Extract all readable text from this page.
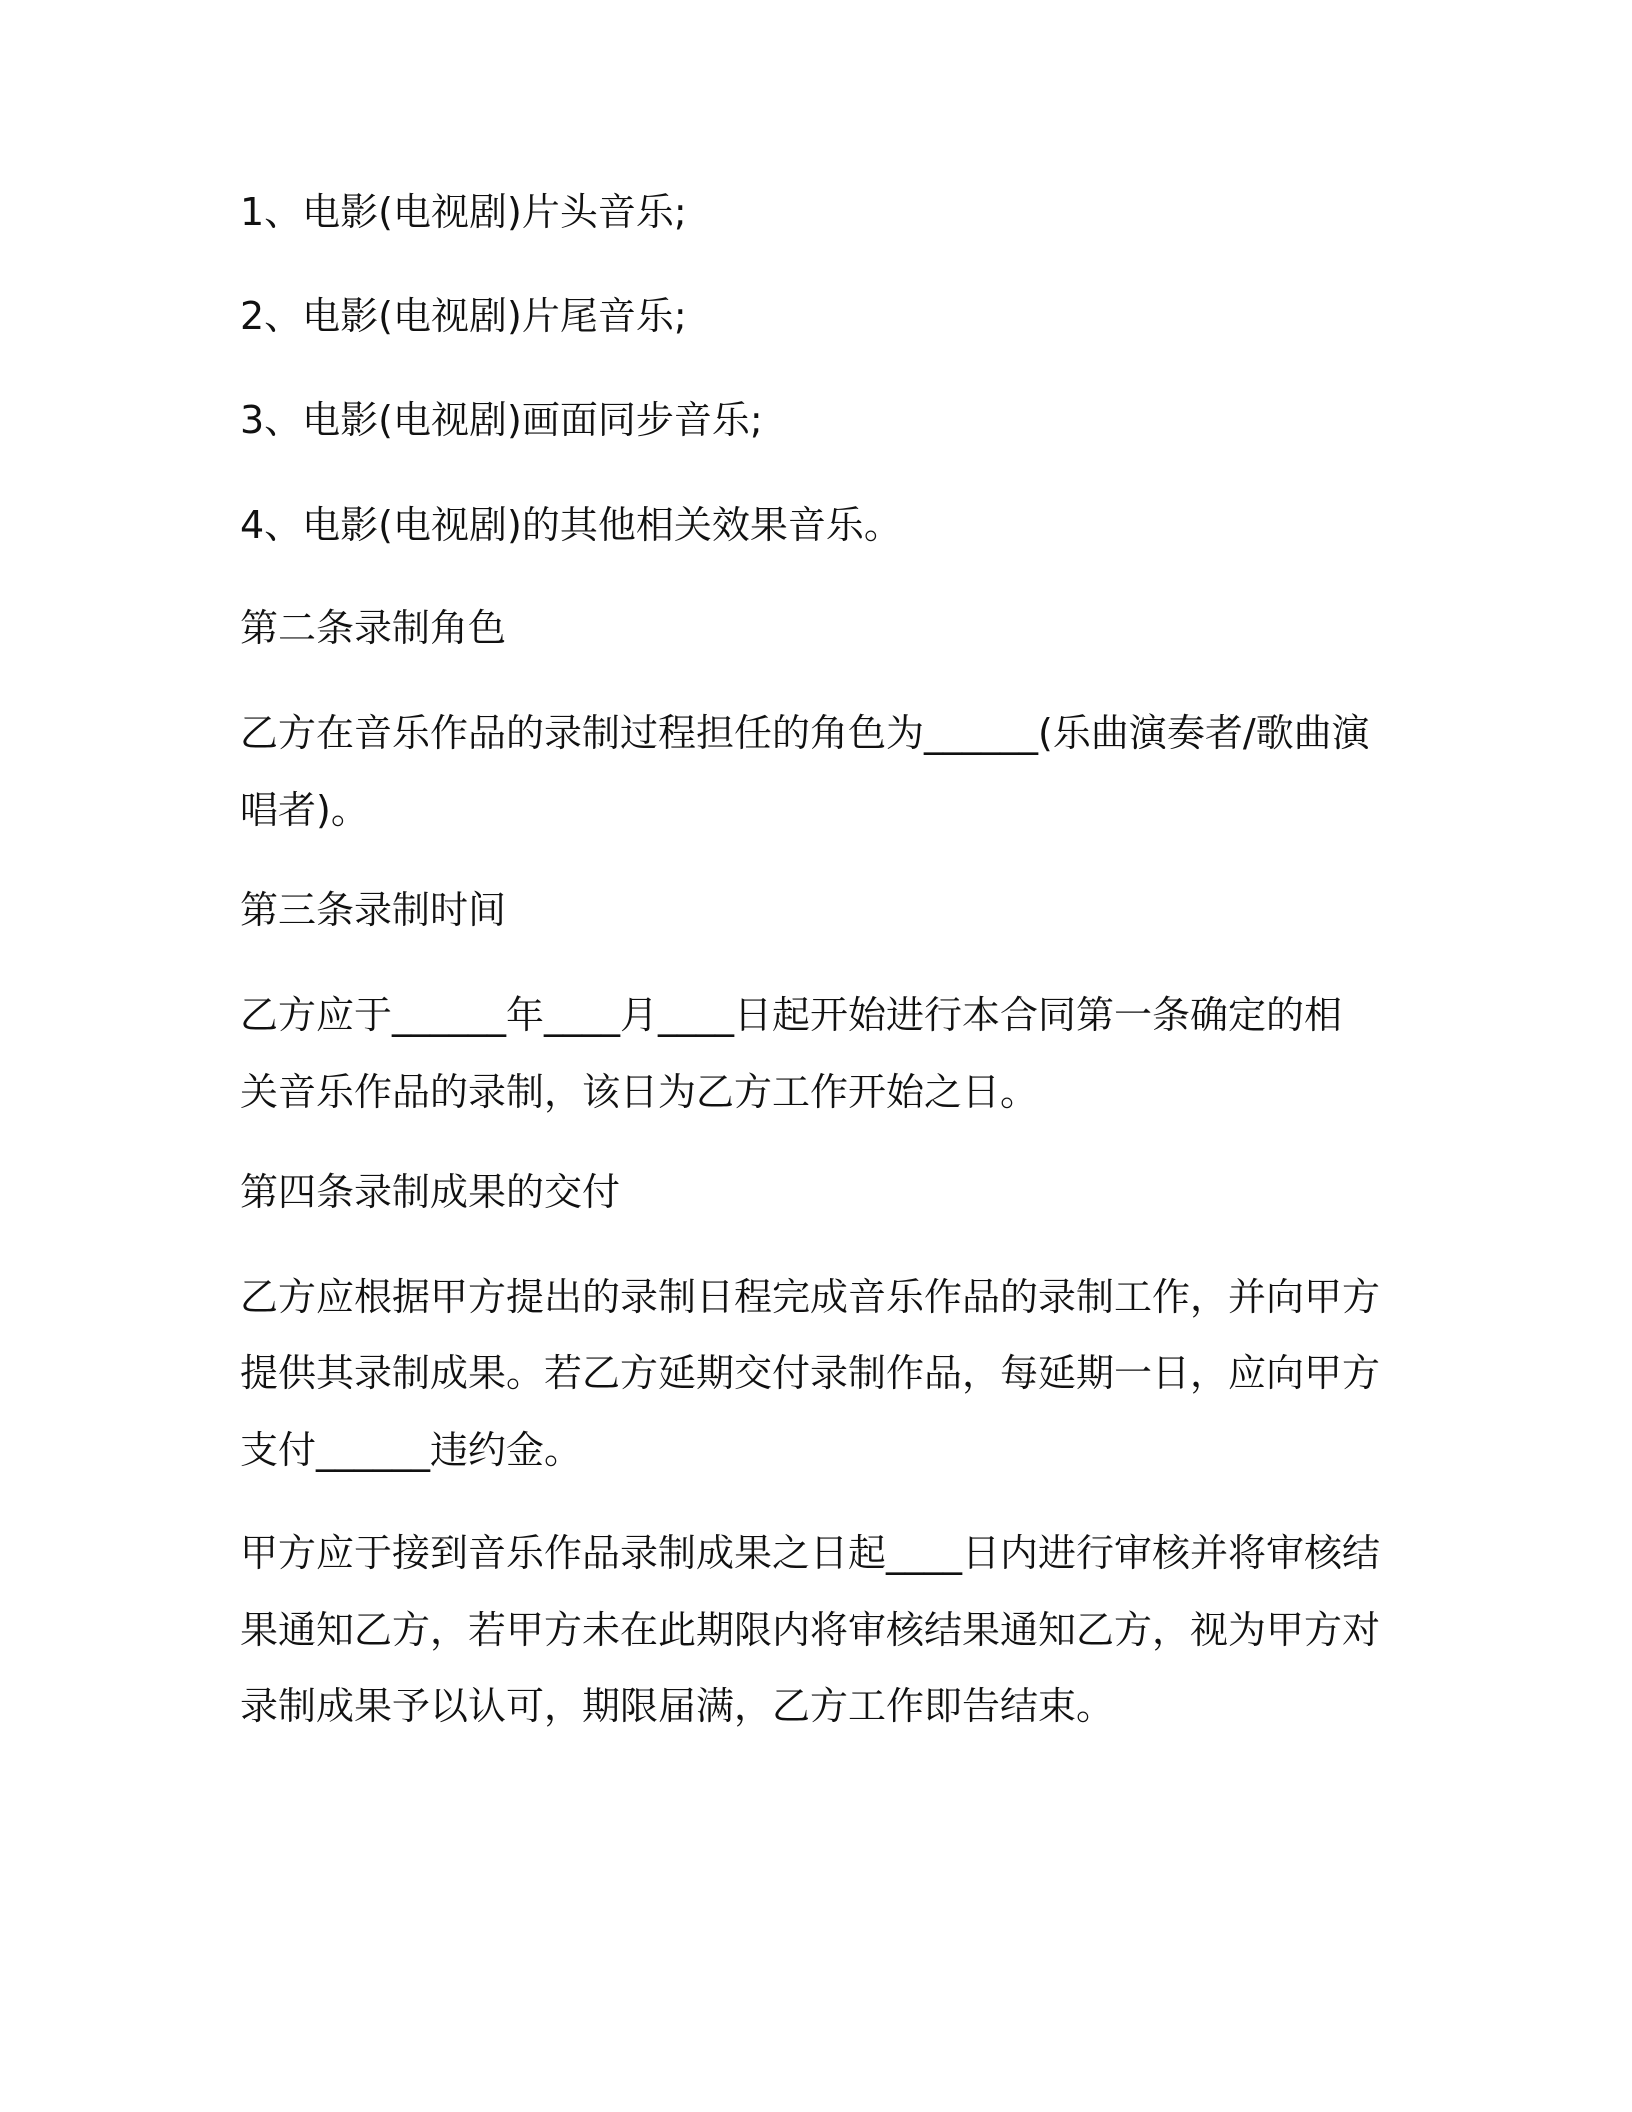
1、电影(电视剧)片头音乐;
2、电影(电视剧)片尾音乐;
3、电影(电视剧)画面同步音乐;
4、电影(电视剧)的其他相关效果音乐。
第二条录制角色
乙方在音乐作品的录制过程担任的角色为______(乐曲演奏者/歌曲演
唱者)。
第三条录制时间
乙方应于______年____月____日起开始进行本合同第一条确定的相
关音乐作品的录制，该日为乙方工作开始之日。
第四条录制成果的交付
乙方应根据甲方提出的录制日程完成音乐作品的录制工作，并向甲方
提供其录制成果。若乙方延期交付录制作品，每延期一日，应向甲方
支付______违约金。
甲方应于接到音乐作品录制成果之日起____日内进行审核并将审核结
果通知乙方，若甲方未在此期限内将审核结果通知乙方，视为甲方对
录制成果予以认可，期限届满，乙方工作即告结束。
